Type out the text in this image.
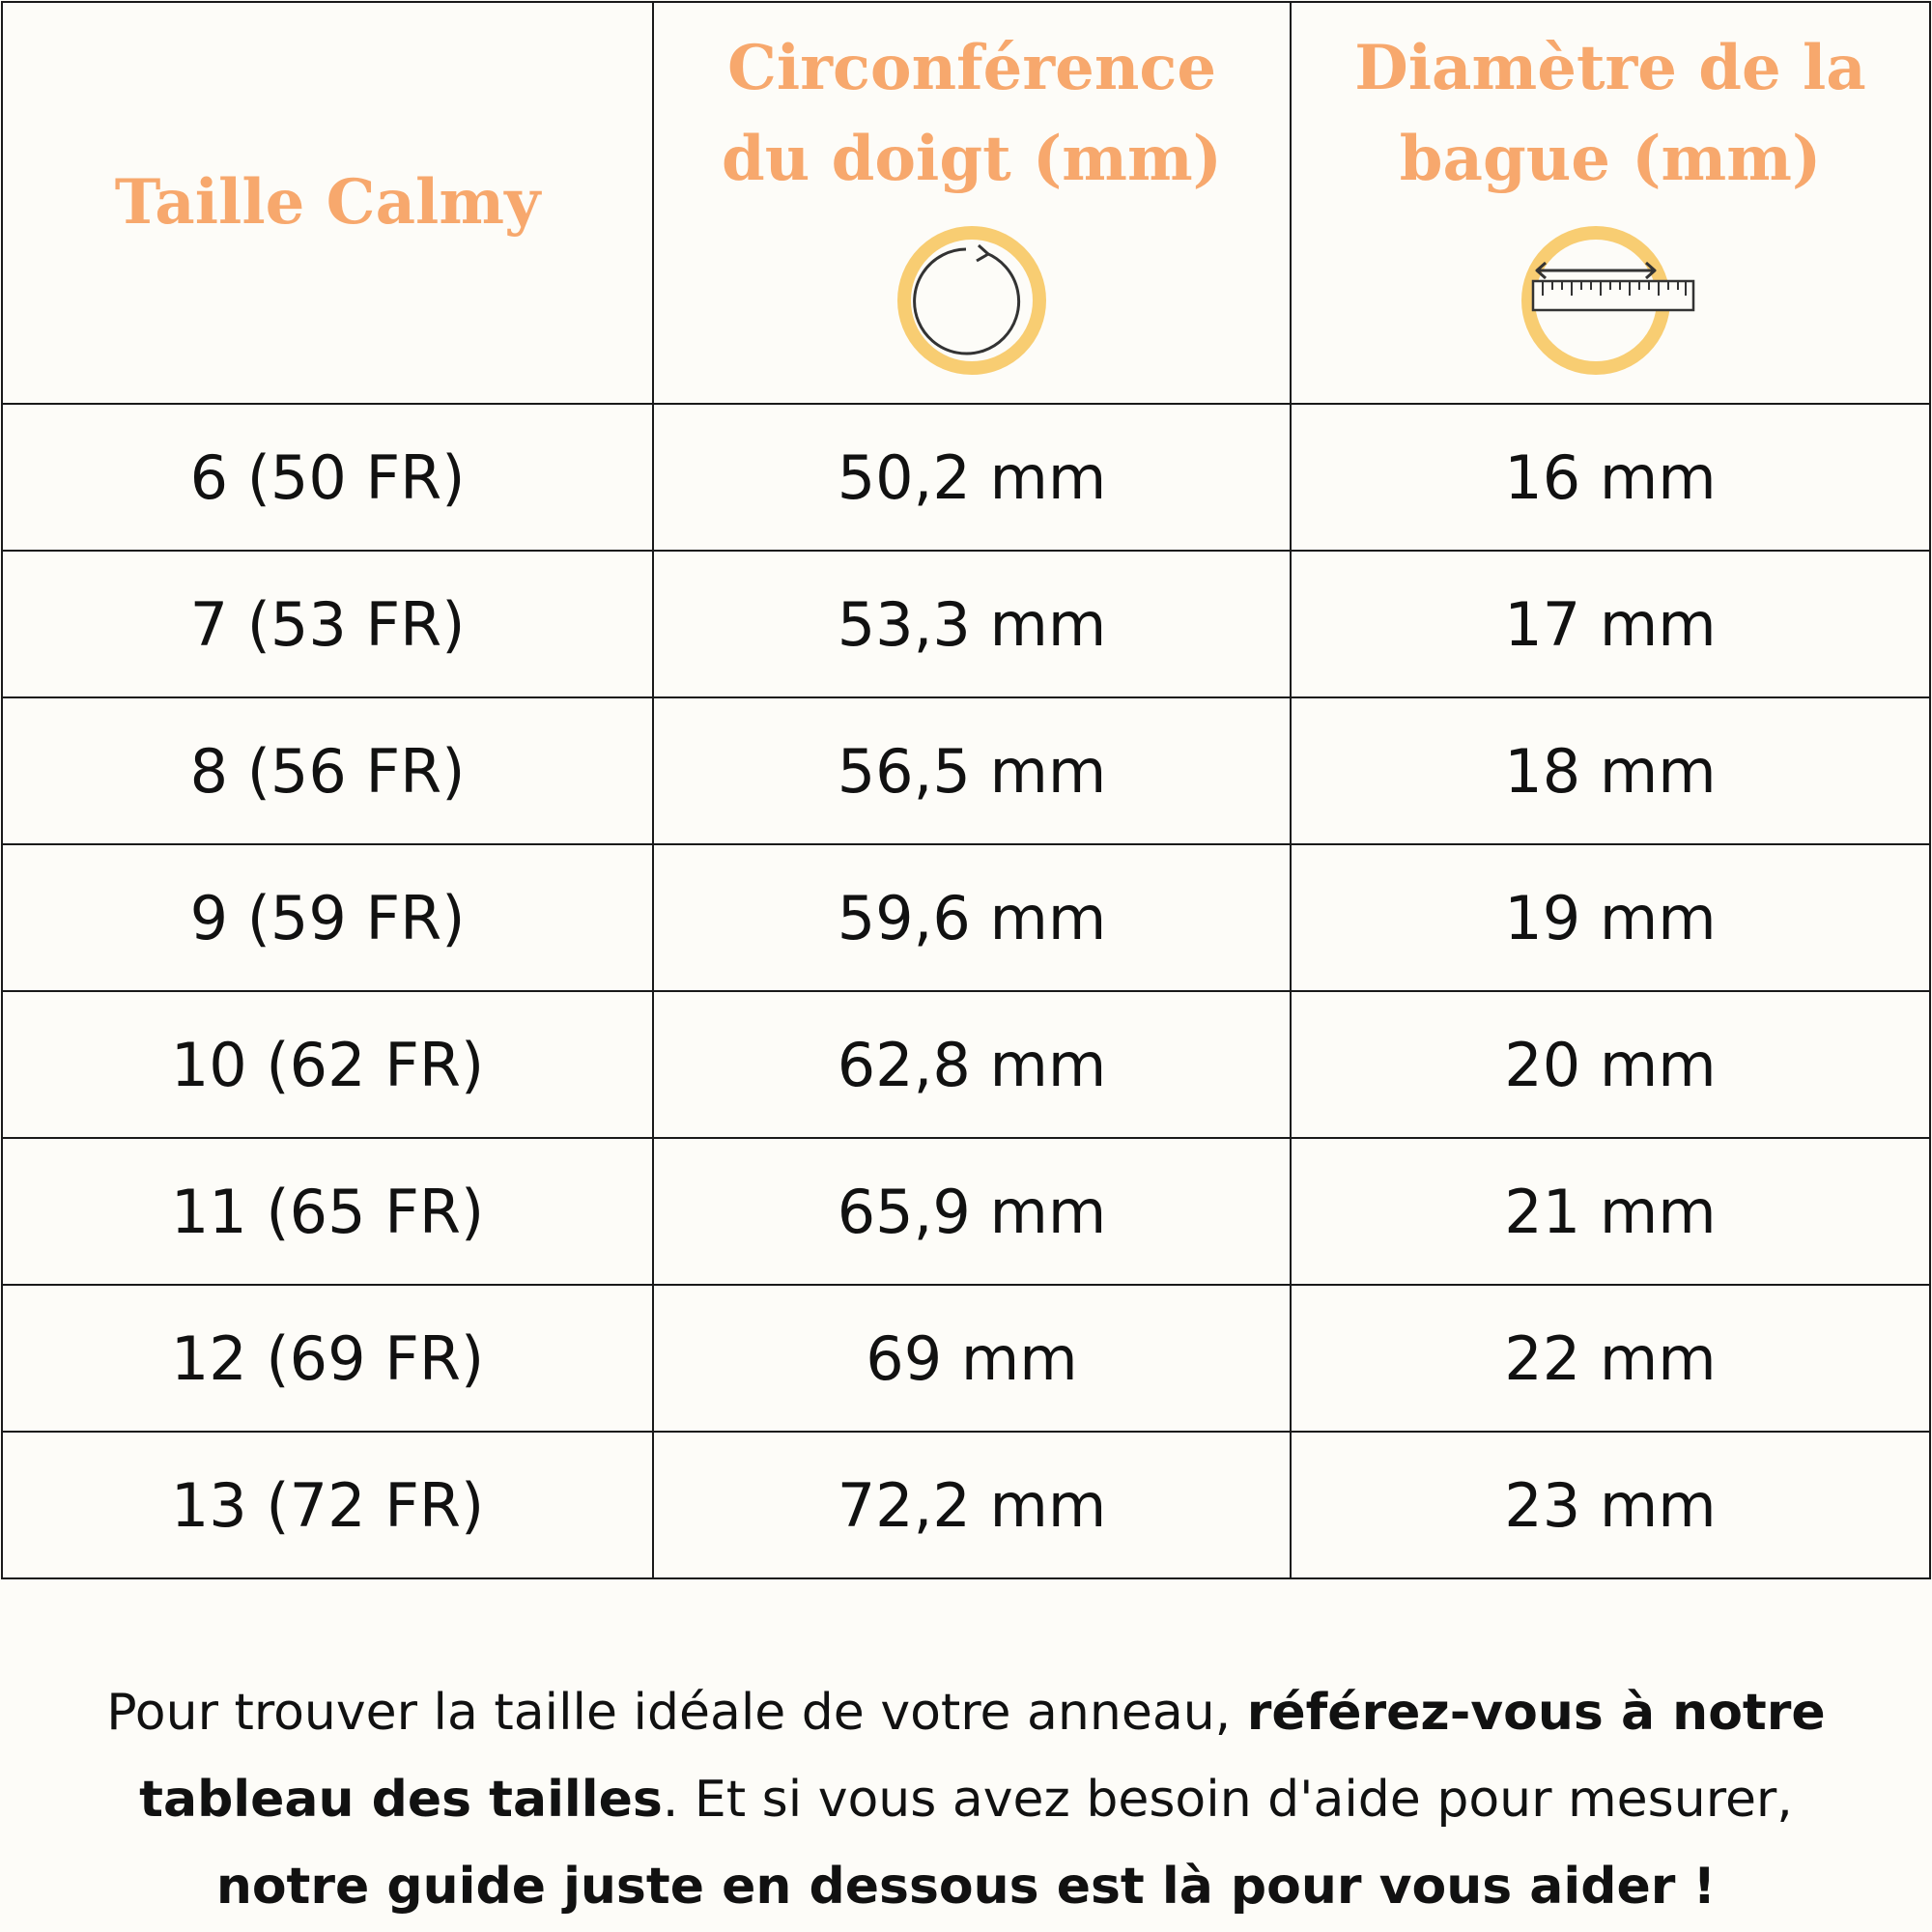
Taille Calmy	Circonférence du doigt (mm)	Diamètre de la bague (mm)

6 (50 FR)	50,2 mm	16 mm
7 (53 FR)	53,3 mm	17 mm
8 (56 FR)	56,5 mm	18 mm
9 (59 FR)	59,6 mm	19 mm
10 (62 FR)	62,8 mm	20 mm
11 (65 FR)	65,9 mm	21 mm
12 (69 FR)	69 mm	22 mm
13 (72 FR)	72,2 mm	23 mm

Pour trouver la taille idéale de votre anneau, référez-vous à notre tableau des tailles. Et si vous avez besoin d'aide pour mesurer, notre guide juste en dessous est là pour vous aider !
